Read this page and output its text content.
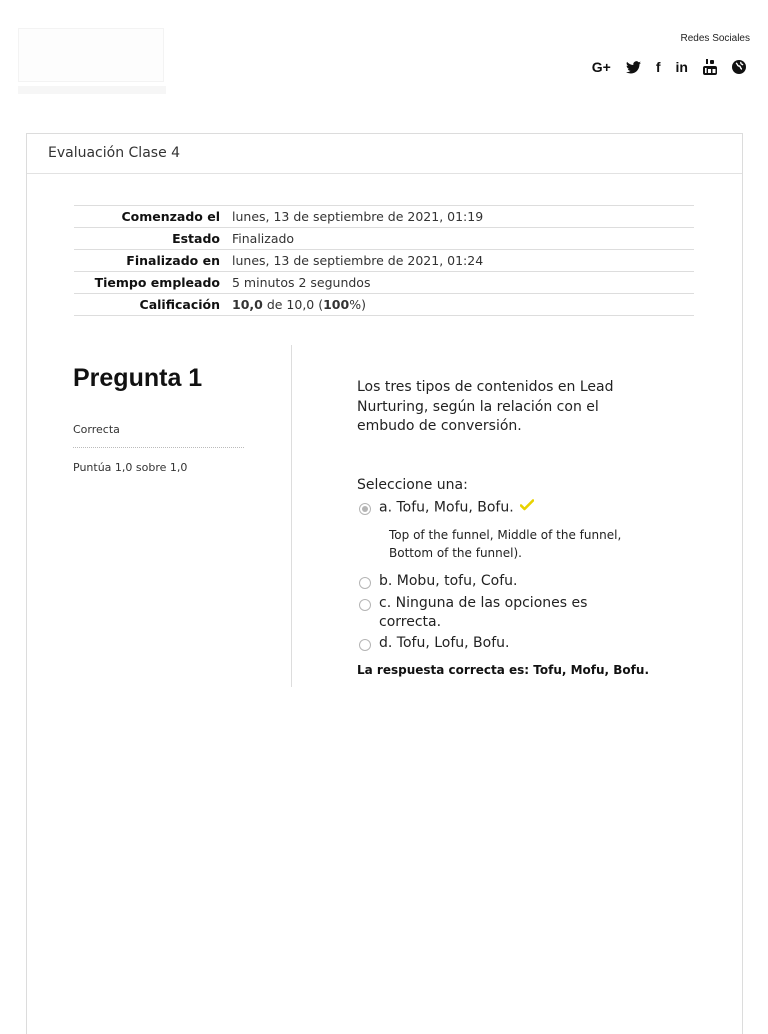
Redes Sociales
G+	f in
Evaluación Clase 4
Comenzado el	lunes, 13 de septiembre de 2021, 01:19
Estado	Finalizado
Finalizado en	lunes, 13 de septiembre de 2021, 01:24
Tiempo empleado	5 minutos 2 segundos
Calificación	10,0 de 10,0 (100%)
Pregunta 1
Correcta
Puntúa 1,0 sobre 1,0
Los tres tipos de contenidos en Lead Nurturing, según la relación con el embudo de conversión.
Seleccione una:
a. Tofu, Mofu, Bofu.
Top of the funnel, Middle of the funnel, Bottom of the funnel).
b. Mobu, tofu, Cofu.
c. Ninguna de las opciones es correcta.
d. Tofu, Lofu, Bofu.
La respuesta correcta es: Tofu, Mofu, Bofu.
